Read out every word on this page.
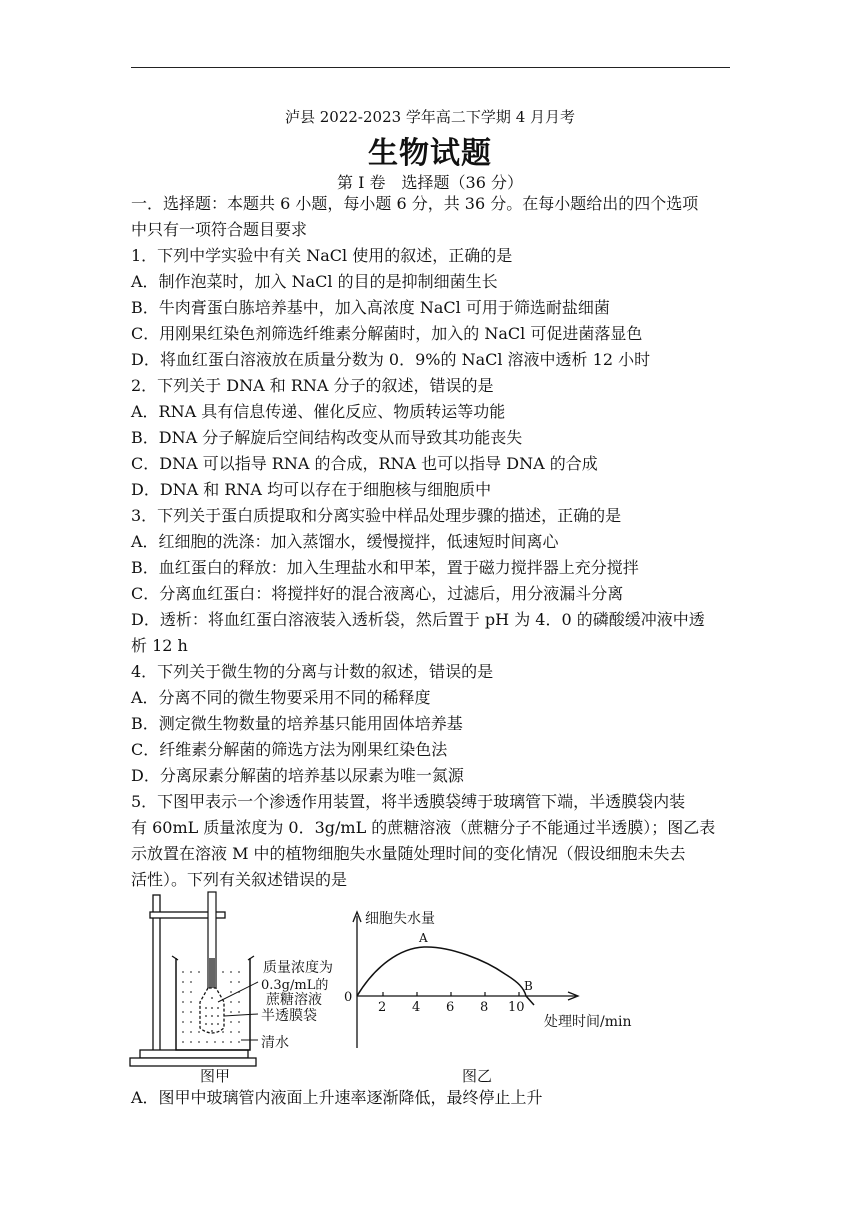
泸县 2022-2023 学年高二下学期 4 月月考
生物试题
第 I 卷　选择题（36 分）
一．选择题：本题共 6 小题，每小题 6 分，共 36 分。在每小题给出的四个选项
中只有一项符合题目要求
1．下列中学实验中有关 NaCl 使用的叙述，正确的是
A．制作泡菜时，加入 NaCl 的目的是抑制细菌生长
B．牛肉膏蛋白胨培养基中，加入高浓度 NaCl 可用于筛选耐盐细菌
C．用刚果红染色剂筛选纤维素分解菌时，加入的 NaCl 可促进菌落显色
D．将血红蛋白溶液放在质量分数为 0．9%的 NaCl 溶液中透析 12 小时
2．下列关于 DNA 和 RNA 分子的叙述，错误的是
A．RNA 具有信息传递、催化反应、物质转运等功能
B．DNA 分子解旋后空间结构改变从而导致其功能丧失
C．DNA 可以指导 RNA 的合成，RNA 也可以指导 DNA 的合成
D．DNA 和 RNA 均可以存在于细胞核与细胞质中
3．下列关于蛋白质提取和分离实验中样品处理步骤的描述，正确的是
A．红细胞的洗涤：加入蒸馏水，缓慢搅拌，低速短时间离心
B．血红蛋白的释放：加入生理盐水和甲苯，置于磁力搅拌器上充分搅拌
C．分离血红蛋白：将搅拌好的混合液离心，过滤后，用分液漏斗分离
D．透析：将血红蛋白溶液装入透析袋，然后置于 pH 为 4．0 的磷酸缓冲液中透
析 12 h
4．下列关于微生物的分离与计数的叙述，错误的是
A．分离不同的微生物要采用不同的稀释度
B．测定微生物数量的培养基只能用固体培养基
C．纤维素分解菌的筛选方法为刚果红染色法
D．分离尿素分解菌的培养基以尿素为唯一氮源
5．下图甲表示一个渗透作用装置，将半透膜袋缚于玻璃管下端，半透膜袋内装
有 60mL 质量浓度为 0．3g/mL 的蔗糖溶液（蔗糖分子不能通过半透膜）；图乙表
示放置在溶液 M 中的植物细胞失水量随处理时间的变化情况（假设细胞未失去
活性）。下列有关叙述错误的是
质量浓度为
0.3g/mL的
蔗糖溶液
半透膜袋
清水
图甲
0
2 4 6 8 10
A
B
细胞失水量
处理时间/min
图乙
A．图甲中玻璃管内液面上升速率逐渐降低，最终停止上升
